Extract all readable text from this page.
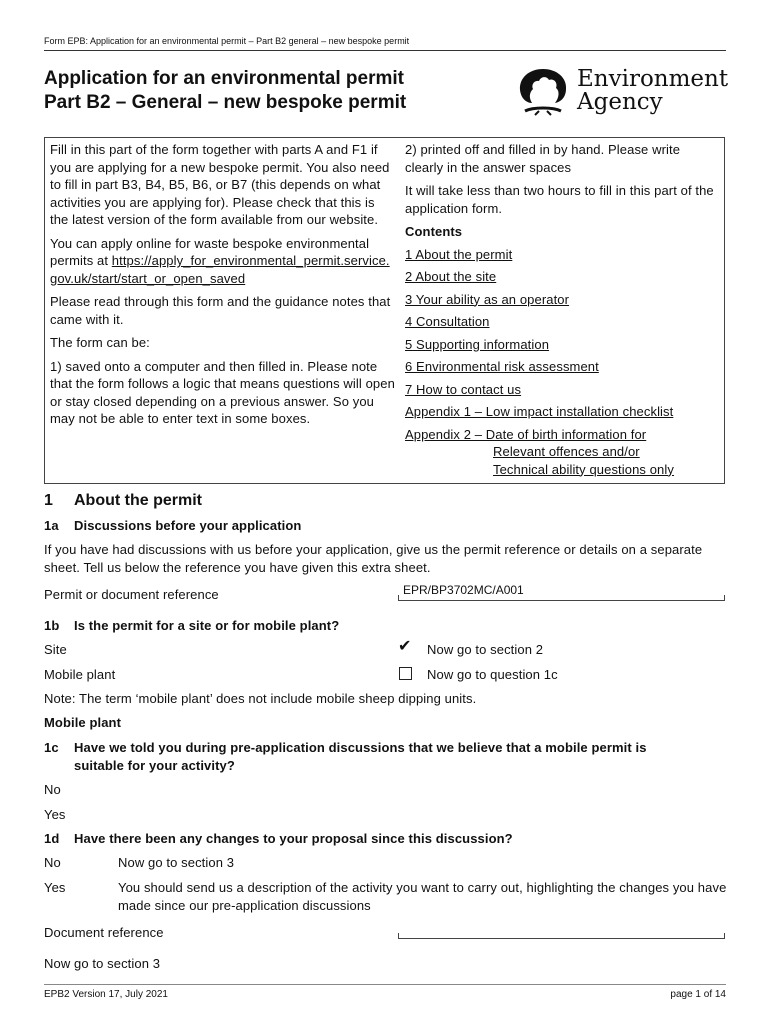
Form EPB: Application for an environmental permit – Part B2 general – new bespoke permit
Application for an environmental permit
Part B2 – General – new bespoke permit
Environment
Agency

Fill in this part of the form together with parts A and F1 if you are applying for a new bespoke permit. You also need to fill in part B3, B4, B5, B6, or B7 (this depends on what activities you are applying for). Please check that this is the latest version of the form available from our website.

You can apply online for waste bespoke environmental permits at https://apply_for_environmental_permit.service.gov.uk/start/start_or_open_saved

Please read through this form and the guidance notes that came with it.

The form can be:

1) saved onto a computer and then filled in. Please note that the form follows a logic that means questions will open or stay closed depending on a previous answer. So you may not be able to enter text in some boxes.

2) printed off and filled in by hand. Please write clearly in the answer spaces

It will take less than two hours to fill in this part of the application form.

Contents
1 About the permit
2 About the site
3 Your ability as an operator
4 Consultation
5 Supporting information
6 Environmental risk assessment
7 How to contact us
Appendix 1 – Low impact installation checklist
Appendix 2 – Date of birth information for
Relevant offences and/or
Technical ability questions only
1 About the permit
1a Discussions before your application
If you have had discussions with us before your application, give us the permit reference or details on a separate sheet. Tell us below the reference you have given this extra sheet.
Permit or document reference	EPR/BP3702MC/A001
1b Is the permit for a site or for mobile plant?
Site	✔ Now go to section 2
Mobile plant	Now go to question 1c
Note: The term ‘mobile plant’ does not include mobile sheep dipping units.
Mobile plant
1c Have we told you during pre-application discussions that we believe that a mobile permit is
suitable for your activity?
No
Yes
1d Have there been any changes to your proposal since this discussion?
No	Now go to section 3
Yes	You should send us a description of the activity you want to carry out, highlighting the changes you have made since our pre-application discussions
Document reference
Now go to section 3
EPB2 Version 17, July 2021	page 1 of 14
